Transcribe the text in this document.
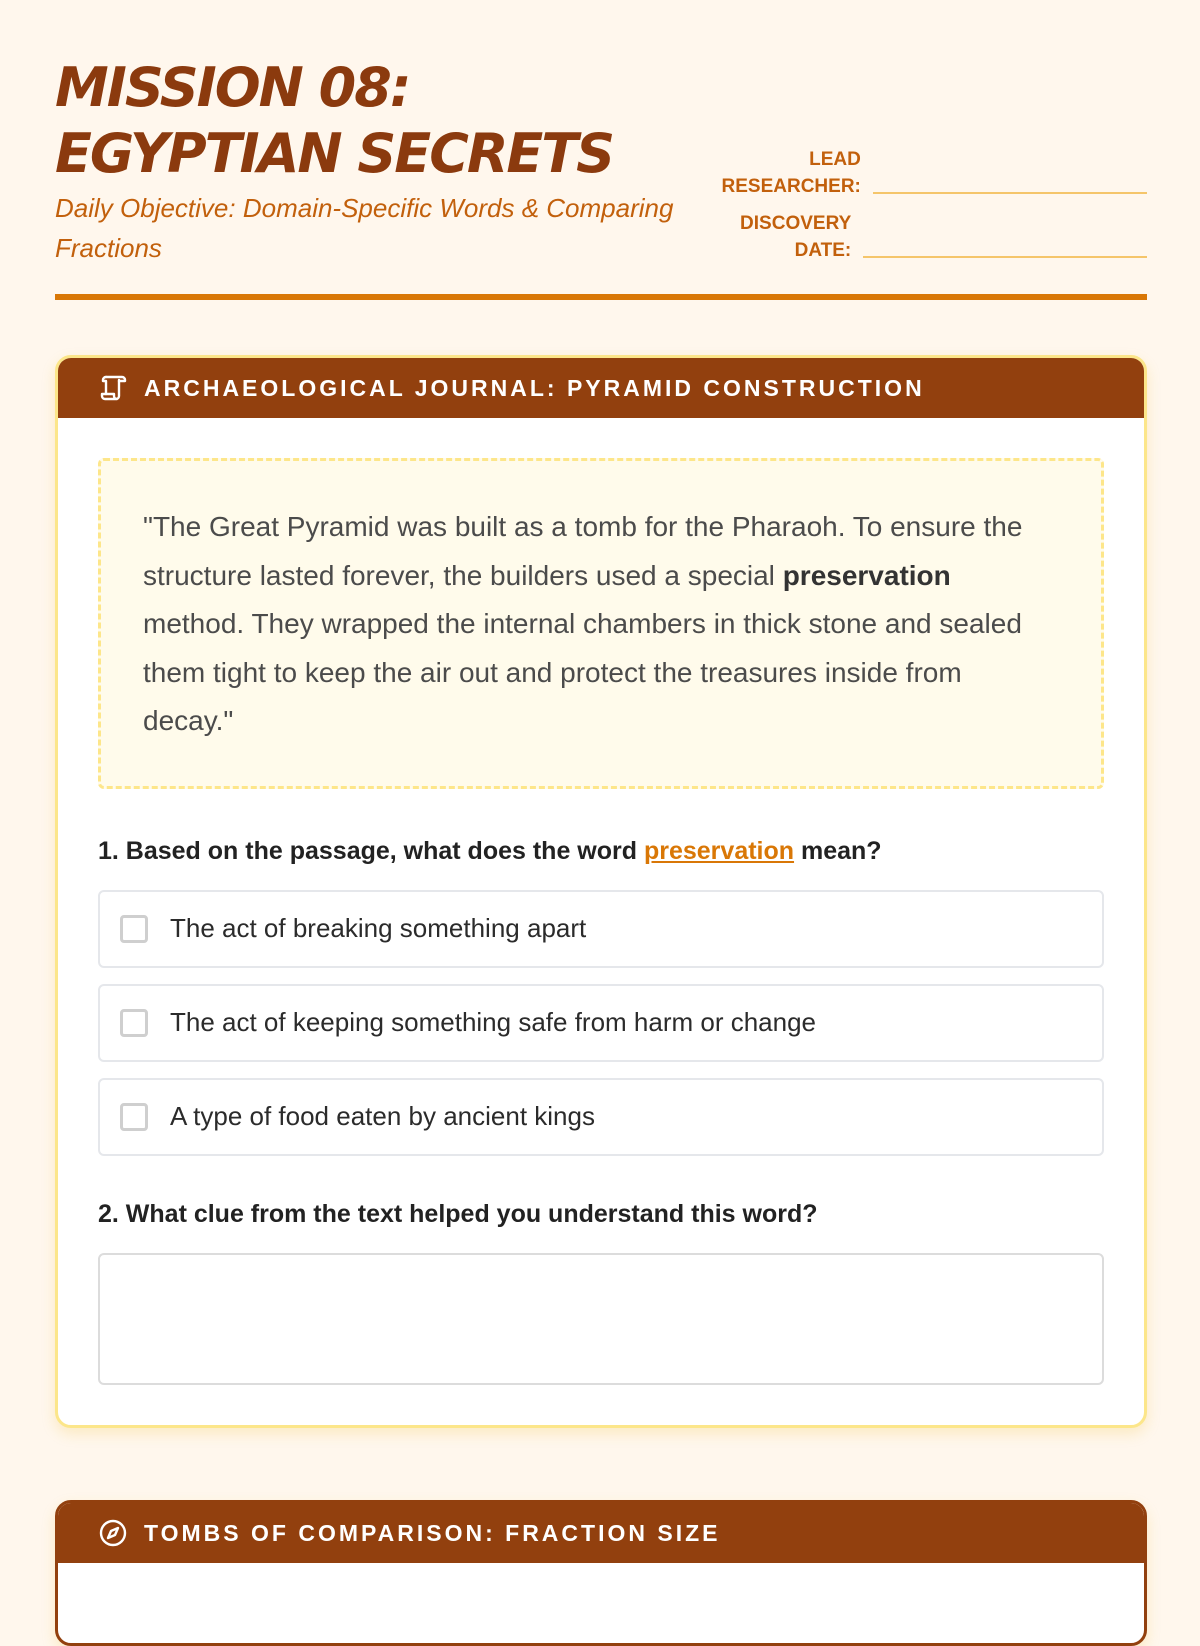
MISSION 08:
EGYPTIAN SECRETS
Daily Objective: Domain-Specific Words & Comparing Fractions
LEAD
RESEARCHER:
DISCOVERY
DATE:
ARCHAEOLOGICAL JOURNAL: PYRAMID CONSTRUCTION
"The Great Pyramid was built as a tomb for the Pharaoh. To ensure the structure lasted forever, the builders used a special preservation method. They wrapped the internal chambers in thick stone and sealed them tight to keep the air out and protect the treasures inside from decay."
1. Based on the passage, what does the word preservation mean?
The act of breaking something apart
The act of keeping something safe from harm or change
A type of food eaten by ancient kings
2. What clue from the text helped you understand this word?
TOMBS OF COMPARISON: FRACTION SIZE
